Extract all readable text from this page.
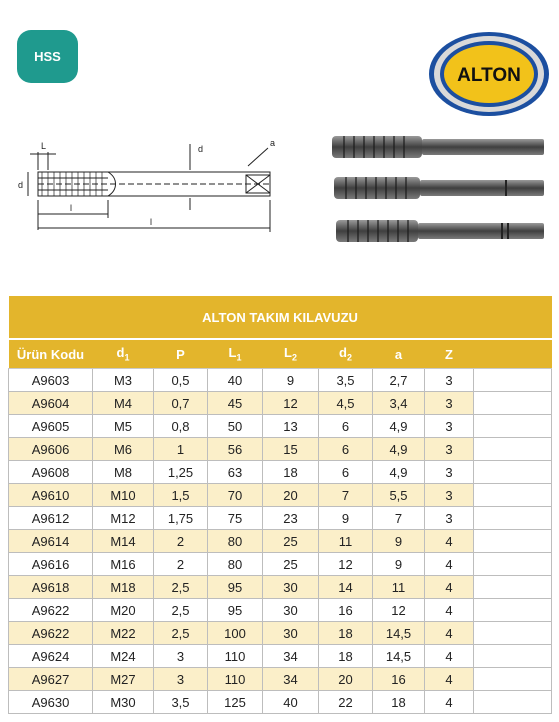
HSS
ALTON
L
d
d
a
l
l
ALTON TAKIM KILAVUZU								
Ürün Kodu	$d_1$	P	$L_1$	$L_2$	$d_2$	a	Z	
A9603	M3	0,5	40	9	3,5	2,7	3	
A9604	M4	0,7	45	12	4,5	3,4	3	
A9605	M5	0,8	50	13	6	4,9	3	
A9606	M6	1	56	15	6	4,9	3	
A9608	M8	1,25	63	18	6	4,9	3	
A9610	M10	1,5	70	20	7	5,5	3	
A9612	M12	1,75	75	23	9	7	3	
A9614	M14	2	80	25	11	9	4	
A9616	M16	2	80	25	12	9	4	
A9618	M18	2,5	95	30	14	11	4	
A9622	M20	2,5	95	30	16	12	4	
A9622	M22	2,5	100	30	18	14,5	4	
A9624	M24	3	110	34	18	14,5	4	
A9627	M27	3	110	34	20	16	4	
A9630	M30	3,5	125	40	22	18	4	
